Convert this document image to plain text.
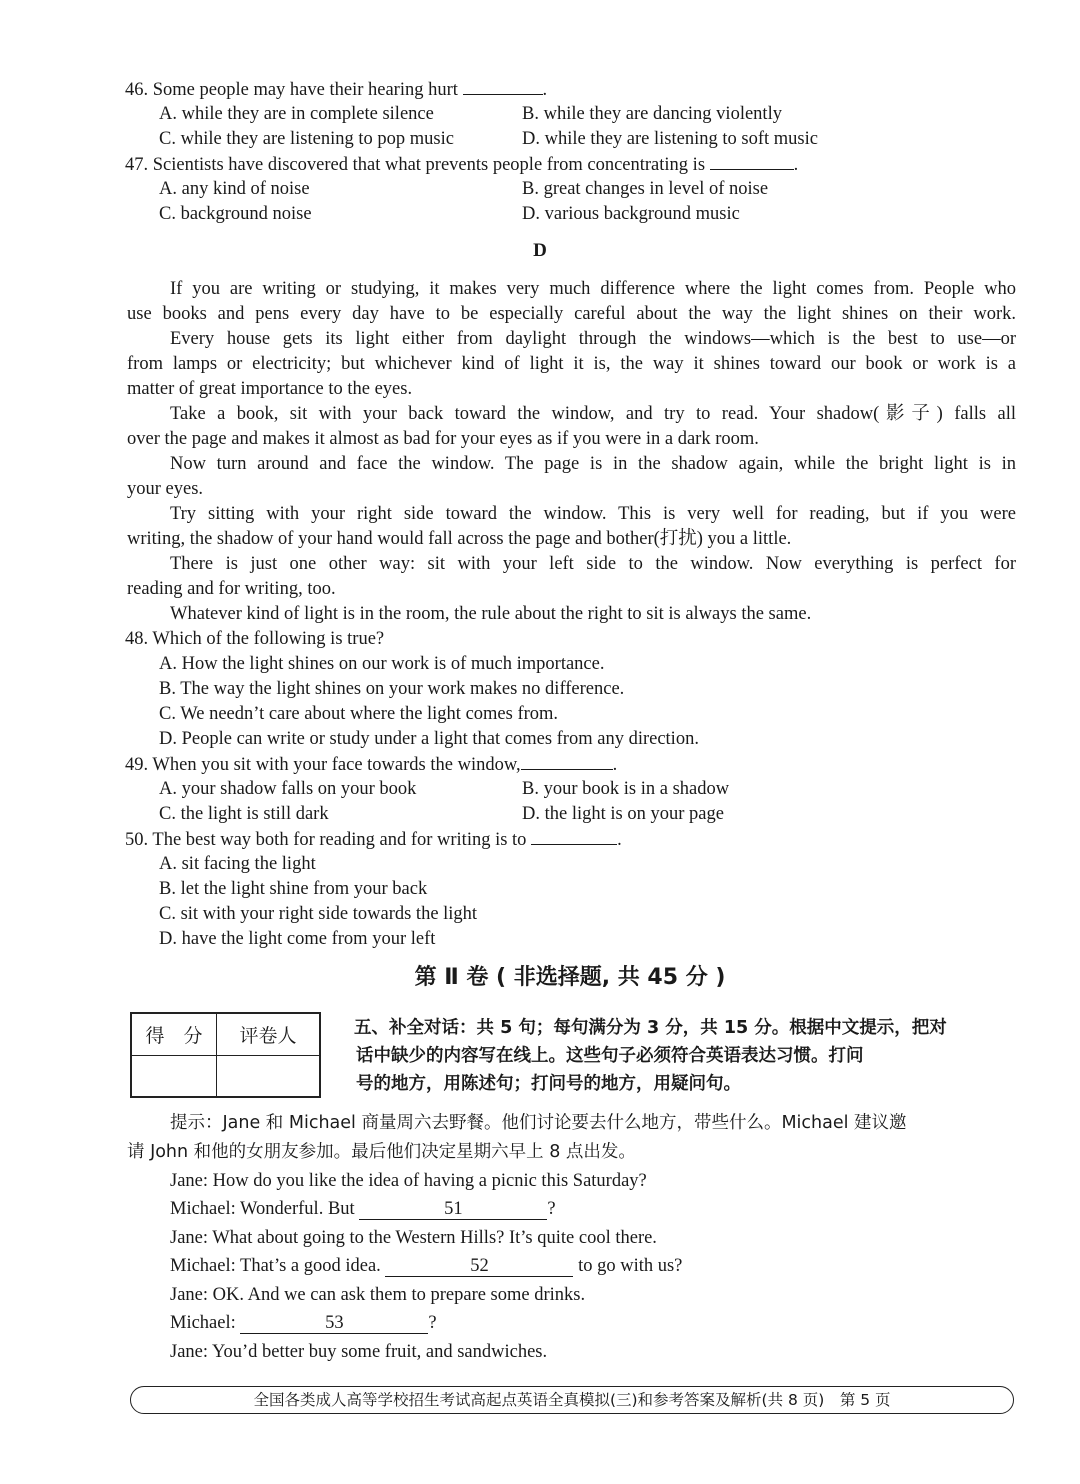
46. Some people may have their hearing hurt	.
A. while they are in complete silence	B. while they are dancing violently
C. while they are listening to pop music	D. while they are listening to soft music
47. Scientists have discovered that what prevents people from concentrating is	.
A. any kind of noise	B. great changes in level of noise
C. background noise	D. various background music
D
If you are writing or studying, it makes very much difference where the light comes from. People who
use books and pens every day have to be especially careful about the way the light shines on their work.
Every house gets its light either from daylight through the windows—which is the best to use—or
from lamps or electricity; but whichever kind of light it is, the way it shines toward our book or work is a
matter of great importance to the eyes.
Take a book, sit with your back toward the window, and try to read. Your shadow(影子) falls all
over the page and makes it almost as bad for your eyes as if you were in a dark room.
Now turn around and face the window. The page is in the shadow again, while the bright light is in
your eyes.
Try sitting with your right side toward the window. This is very well for reading, but if you were
writing, the shadow of your hand would fall across the page and bother(打扰) you a little.
There is just one other way: sit with your left side to the window. Now everything is perfect for
reading and for writing, too.
Whatever kind of light is in the room, the rule about the right to sit is always the same.
48. Which of the following is true?
A. How the light shines on our work is of much importance.
B. The way the light shines on your work makes no difference.
C. We needn’t care about where the light comes from.
D. People can write or study under a light that comes from any direction.
49. When you sit with your face towards the window,	.
A. your shadow falls on your book	B. your book is in a shadow
C. the light is still dark	D. the light is on your page
50. The best way both for reading and for writing is to	.
A. sit facing the light
B. let the light shine from your back
C. sit with your right side towards the light
D. have the light come from your left
第 Ⅱ 卷 ( 非选择题, 共 45 分 )
得　分	评卷人
		五、补全对话：共 5 句；每句满分为 3 分，共 15 分。根据中文提示，把对
话中缺少的内容写在线上。这些句子必须符合英语表达习惯。打问
号的地方，用陈述句；打问号的地方，用疑问句。
提示：Jane 和 Michael 商量周六去野餐。他们讨论要去什么地方，带些什么。Michael 建议邀
请 John 和他的女朋友参加。最后他们决定星期六早上 8 点出发。
Jane: How do you like the idea of having a picnic this Saturday?
Michael: Wonderful. But	51	?
Jane: What about going to the Western Hills? It’s quite cool there.
Michael: That’s a good idea.	52	to go with us?
Jane: OK. And we can ask them to prepare some drinks.
Michael:	53	?
Jane: You’d better buy some fruit, and sandwiches.
全国各类成人高等学校招生考试高起点英语全真模拟(三)和参考答案及解析(共 8 页)　第 5 页
